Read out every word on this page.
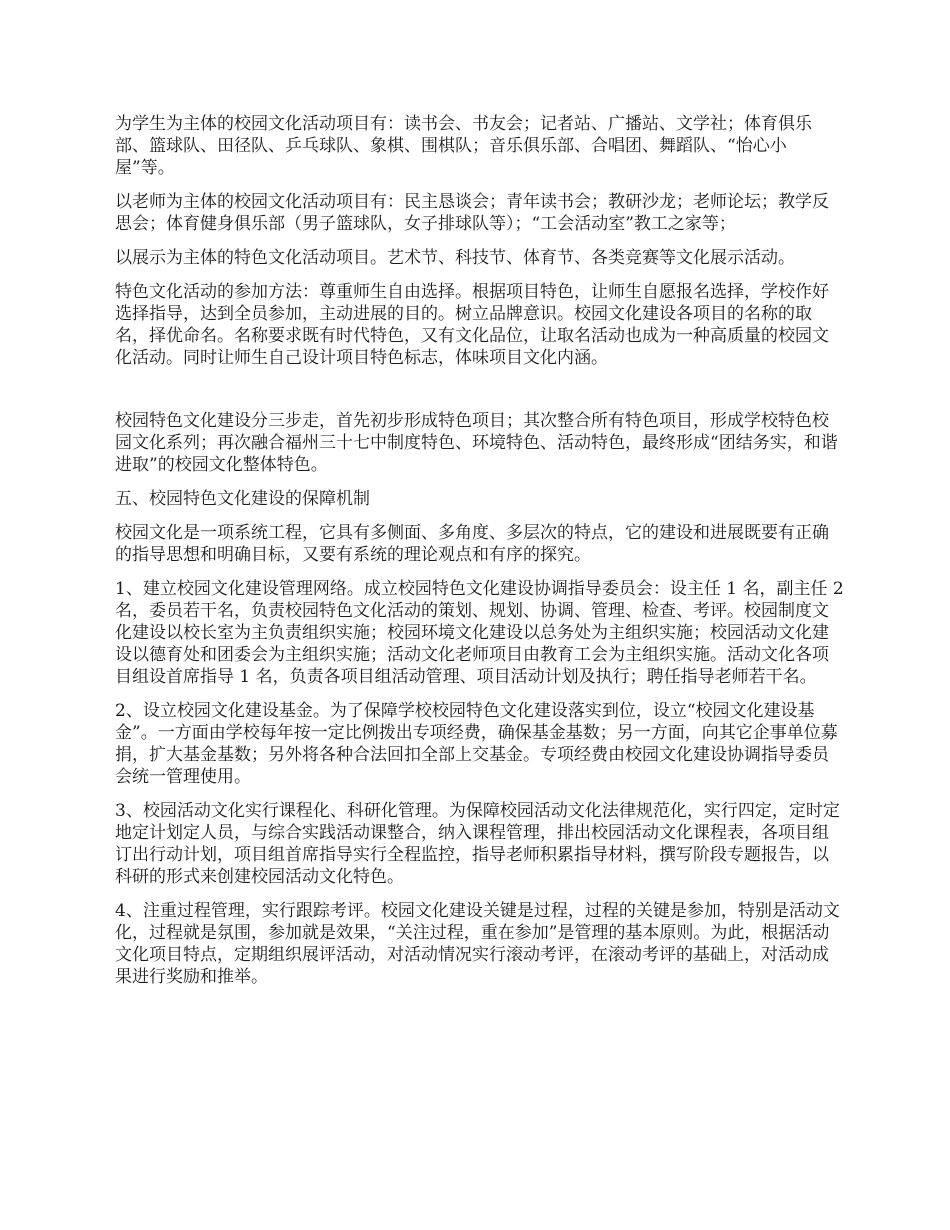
为学生为主体的校园文化活动项目有：读书会、书友会；记者站、广播站、文学社；体育俱乐部、篮球队、田径队、乒乓球队、象棋、围棋队；音乐俱乐部、合唱团、舞蹈队、“怡心小屋”等。

以老师为主体的校园文化活动项目有：民主恳谈会；青年读书会；教研沙龙；老师论坛；教学反思会；体育健身俱乐部（男子篮球队，女子排球队等）；“工会活动室”教工之家等；

以展示为主体的特色文化活动项目。艺术节、科技节、体育节、各类竞赛等文化展示活动。

特色文化活动的参加方法：尊重师生自由选择。根据项目特色，让师生自愿报名选择，学校作好选择指导，达到全员参加，主动进展的目的。树立品牌意识。校园文化建设各项目的名称的取名，择优命名。名称要求既有时代特色，又有文化品位，让取名活动也成为一种高质量的校园文化活动。同时让师生自己设计项目特色标志，体味项目文化内涵。

校园特色文化建设分三步走，首先初步形成特色项目；其次整合所有特色项目，形成学校特色校园文化系列；再次融合福州三十七中制度特色、环境特色、活动特色，最终形成“团结务实，和谐进取”的校园文化整体特色。

五、校园特色文化建设的保障机制

校园文化是一项系统工程，它具有多侧面、多角度、多层次的特点，它的建设和进展既要有正确的指导思想和明确目标，又要有系统的理论观点和有序的探究。

1、建立校园文化建设管理网络。成立校园特色文化建设协调指导委员会：设主任 1 名，副主任 2 名，委员若干名，负责校园特色文化活动的策划、规划、协调、管理、检查、考评。校园制度文化建设以校长室为主负责组织实施；校园环境文化建设以总务处为主组织实施；校园活动文化建设以德育处和团委会为主组织实施；活动文化老师项目由教育工会为主组织实施。活动文化各项目组设首席指导 1 名，负责各项目组活动管理、项目活动计划及执行；聘任指导老师若干名。

2、设立校园文化建设基金。为了保障学校校园特色文化建设落实到位，设立“校园文化建设基金”。一方面由学校每年按一定比例拨出专项经费，确保基金基数；另一方面，向其它企事单位募捐，扩大基金基数；另外将各种合法回扣全部上交基金。专项经费由校园文化建设协调指导委员会统一管理使用。

3、校园活动文化实行课程化、科研化管理。为保障校园活动文化法律规范化，实行四定，定时定地定计划定人员，与综合实践活动课整合，纳入课程管理，排出校园活动文化课程表，各项目组订出行动计划，项目组首席指导实行全程监控，指导老师积累指导材料，撰写阶段专题报告，以科研的形式来创建校园活动文化特色。

4、注重过程管理，实行跟踪考评。校园文化建设关键是过程，过程的关键是参加，特别是活动文化，过程就是氛围，参加就是效果，“关注过程，重在参加”是管理的基本原则。为此，根据活动文化项目特点，定期组织展评活动，对活动情况实行滚动考评，在滚动考评的基础上，对活动成果进行奖励和推举。
